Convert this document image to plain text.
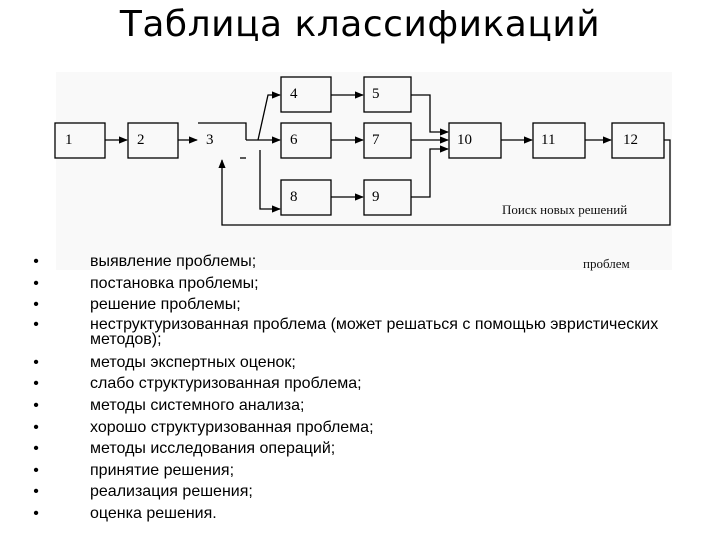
Таблица классификаций
1	2	3
4	5
6	7
8	9
10	11	12
Поиск новых решений
проблем
•	выявление проблемы;
•	постановка проблемы;
•	решение проблемы;
•	неструктуризованная проблема (может решаться с помощью эвристических методов);
•	методы экспертных оценок;
•	слабо структуризованная проблема;
•	методы системного анализа;
•	хорошо структуризованная проблема;
•	методы исследования операций;
•	принятие решения;
•	реализация решения;
•	оценка решения.
